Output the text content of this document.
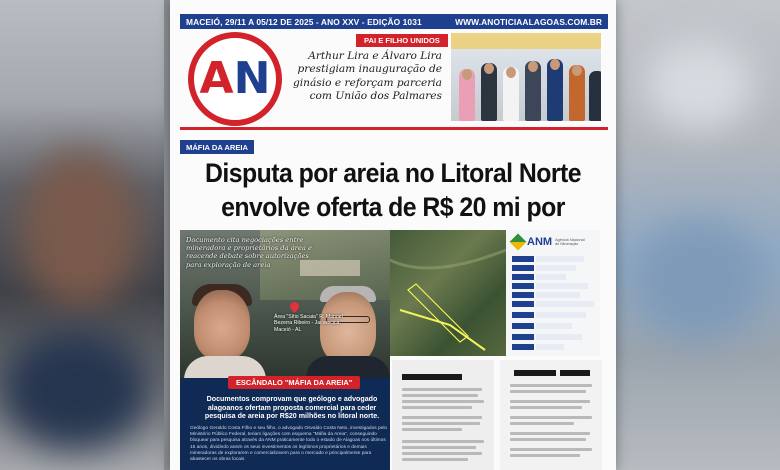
MACEIÓ, 29/11 A 05/12 DE 2025 - ANO XXV - EDIÇÃO 1031	WWW.ANOTICIAALAGOAS.COM.BR
A N
PAI E FILHO UNIDOS
Arthur Lira e Álvaro Lira
prestigiam inauguração de
ginásio e reforçam parceria
com União dos Palmares
MÁFIA DA AREIA
Disputa por areia no Litoral Norte
envolve oferta de R$ 20 mi por
Documento cita negociações entre mineradora e proprietários da área e reacende debate sobre autorizações para exploração de areia
Área "Sítio Sacaia" R. Manoel Bezerra Ribeiro - Jacarecica, Maceió - AL
ESCÂNDALO "MÁFIA DA AREIA"
Documentos comprovam que geólogo e advogado alagoanos ofertam proposta comercial para ceder pesquisa de areia por R$20 milhões no litoral norte.
Geólogo Geraldo Costa Filho e seu filho, o advogado Osvaldo Costa Neto, investigados pelo Ministério Público Federal, teriam ligações com esquema "Máfia da Areia", conseguindo bloquear para pesquisa através da ANM praticamente todo o estado de Alagoas nos últimos 15 anos, dividindo assim os seus investimentos os legítimos proprietários e demais mineradoras de explorarem e comercializarem para o mercado e principalmente para abastecer os obras locais
ANM Agência Nacional de Mineração
